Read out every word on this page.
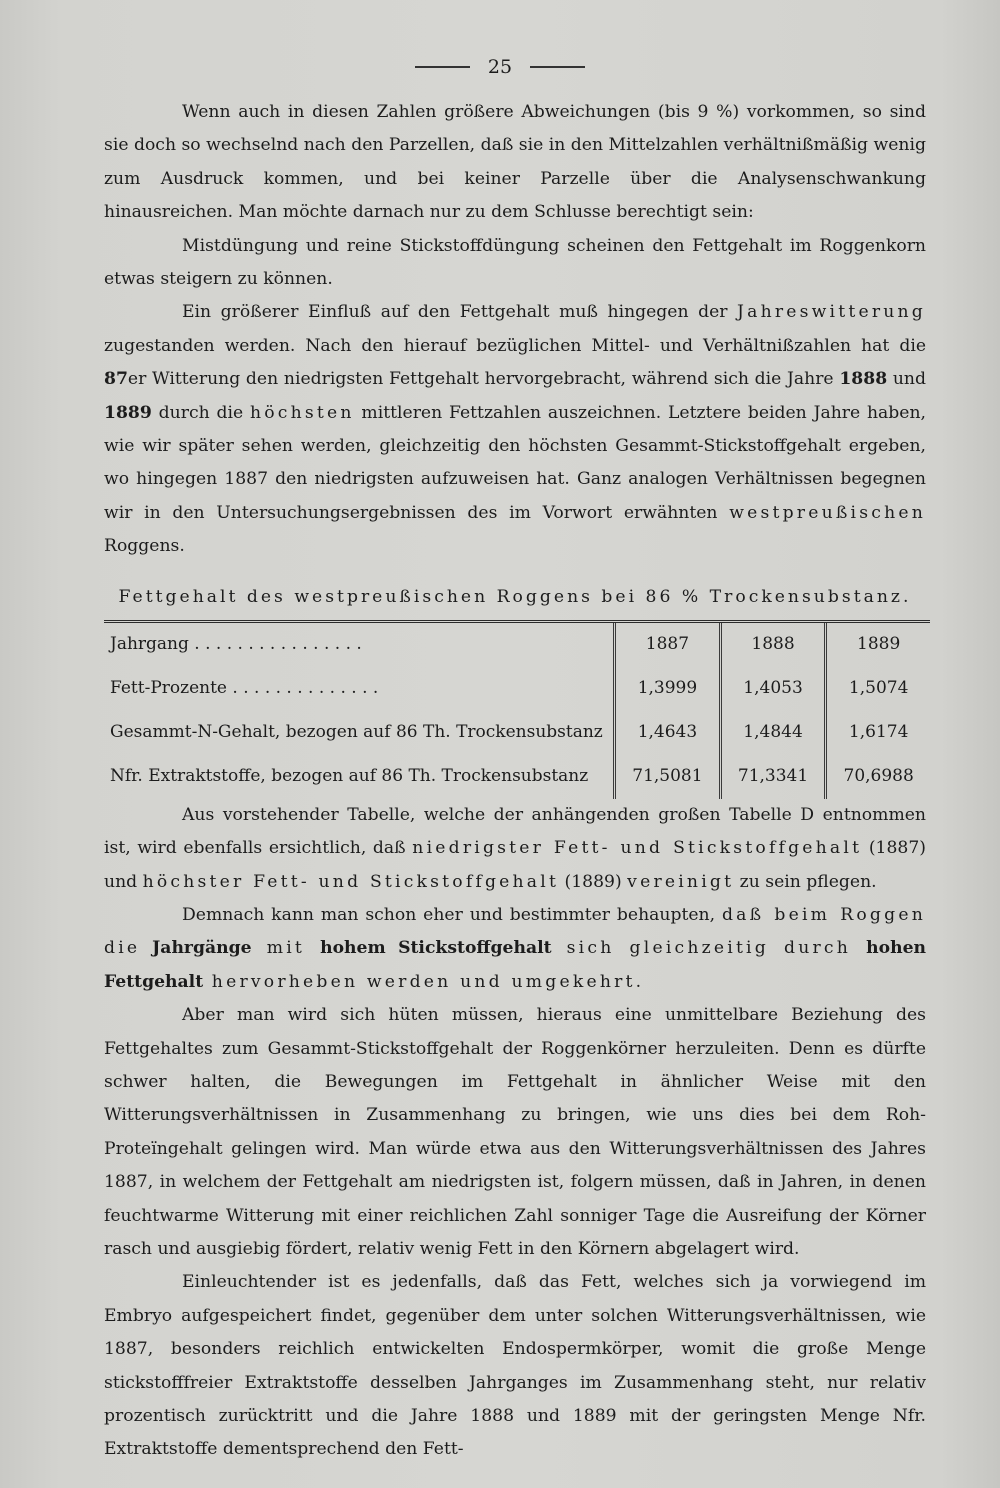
25

Wenn auch in diesen Zahlen größere Abweichungen (bis 9 %) vorkommen, so sind sie doch so wechselnd nach den Parzellen, daß sie in den Mittelzahlen verhältnißmäßig wenig zum Ausdruck kommen, und bei keiner Parzelle über die Analysenschwankung hinausreichen. Man möchte darnach nur zu dem Schlusse berechtigt sein:

Mistdüngung und reine Stickstoffdüngung scheinen den Fettgehalt im Roggenkorn etwas steigern zu können.

Ein größerer Einfluß auf den Fettgehalt muß hingegen der Jahreswitterung zugestanden werden. Nach den hierauf bezüglichen Mittel- und Verhältnißzahlen hat die 87er Witterung den niedrigsten Fettgehalt hervorgebracht, während sich die Jahre 1888 und 1889 durch die höchsten mittleren Fettzahlen auszeichnen. Letztere beiden Jahre haben, wie wir später sehen werden, gleichzeitig den höchsten Gesammt-Stickstoffgehalt ergeben, wo hingegen 1887 den niedrigsten aufzuweisen hat. Ganz analogen Verhältnissen begegnen wir in den Untersuchungsergebnissen des im Vorwort erwähnten westpreußischen Roggens.

Fettgehalt des westpreußischen Roggens bei 86 % Trockensubstanz.

Jahrgang . . . . . . . . . . . . . . . .	1887	1888	1889
Fett-Prozente . . . . . . . . . . . . . .	1,3999	1,4053	1,5074
Gesammt-N-Gehalt, bezogen auf 86 Th. Trockensubstanz	1,4643	1,4844	1,6174
Nfr. Extraktstoffe, bezogen auf 86 Th. Trockensubstanz	71,5081	71,3341	70,6988

Aus vorstehender Tabelle, welche der anhängenden großen Tabelle D entnommen ist, wird ebenfalls ersichtlich, daß niedrigster Fett- und Stickstoffgehalt (1887) und höchster Fett- und Stickstoffgehalt (1889) vereinigt zu sein pflegen.

Demnach kann man schon eher und bestimmter behaupten, daß beim Roggen die Jahrgänge mit hohem Stickstoffgehalt sich gleichzeitig durch hohen Fettgehalt hervorheben werden und umgekehrt.

Aber man wird sich hüten müssen, hieraus eine unmittelbare Beziehung des Fettgehaltes zum Gesammt-Stickstoffgehalt der Roggenkörner herzuleiten. Denn es dürfte schwer halten, die Bewegungen im Fettgehalt in ähnlicher Weise mit den Witterungsverhältnissen in Zusammenhang zu bringen, wie uns dies bei dem Roh-Proteïngehalt gelingen wird. Man würde etwa aus den Witterungsverhältnissen des Jahres 1887, in welchem der Fettgehalt am niedrigsten ist, folgern müssen, daß in Jahren, in denen feuchtwarme Witterung mit einer reichlichen Zahl sonniger Tage die Ausreifung der Körner rasch und ausgiebig fördert, relativ wenig Fett in den Körnern abgelagert wird.

Einleuchtender ist es jedenfalls, daß das Fett, welches sich ja vorwiegend im Embryo aufgespeichert findet, gegenüber dem unter solchen Witterungsverhältnissen, wie 1887, besonders reichlich entwickelten Endospermkörper, womit die große Menge stickstofffreier Extraktstoffe desselben Jahrganges im Zusammenhang steht, nur relativ prozentisch zurücktritt und die Jahre 1888 und 1889 mit der geringsten Menge Nfr. Extraktstoffe dementsprechend den Fett-
